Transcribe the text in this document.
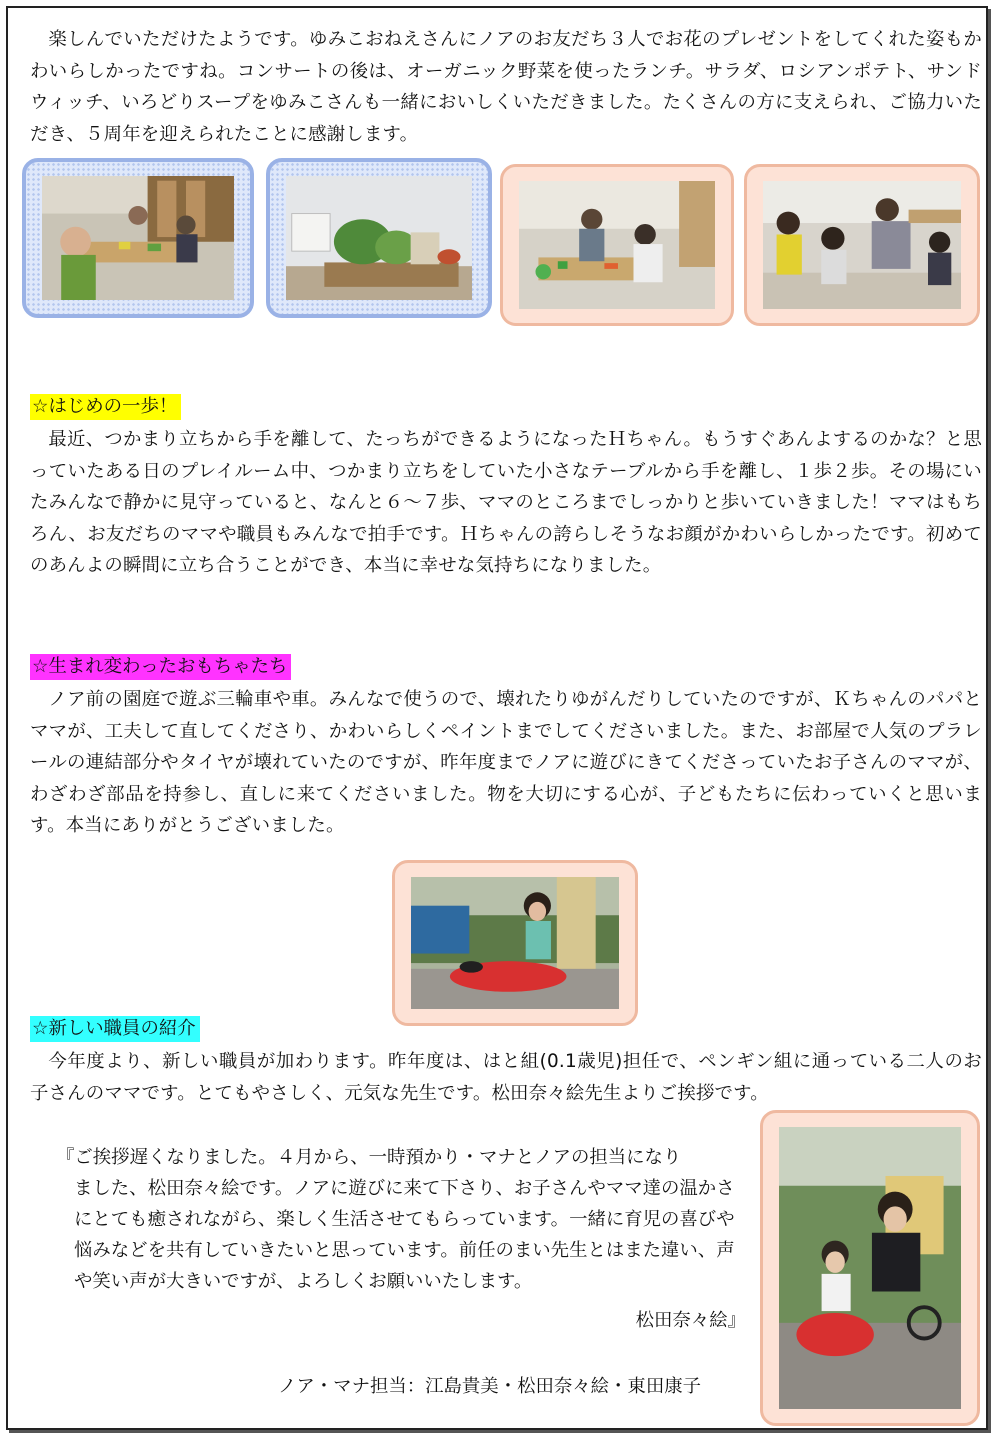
楽しんでいただけたようです。ゆみこおねえさんにノアのお友だち３人でお花のプレゼントをしてくれた姿もかわいらしかったですね。コンサートの後は、オーガニック野菜を使ったランチ。サラダ、ロシアンポテト、サンドウィッチ、いろどりスープをゆみこさんも一緒においしくいただきました。たくさんの方に支えられ、ご協力いただき、５周年を迎えられたことに感謝します。

☆はじめの一歩！

最近、つかまり立ちから手を離して、たっちができるようになったＨちゃん。もうすぐあんよするのかな？と思っていたある日のプレイルーム中、つかまり立ちをしていた小さなテーブルから手を離し、１歩２歩。その場にいたみんなで静かに見守っていると、なんと６〜７歩、ママのところまでしっかりと歩いていきました！ママはもちろん、お友だちのママや職員もみんなで拍手です。Ｈちゃんの誇らしそうなお顔がかわいらしかったです。初めてのあんよの瞬間に立ち合うことができ、本当に幸せな気持ちになりました。

☆生まれ変わったおもちゃたち

ノア前の園庭で遊ぶ三輪車や車。みんなで使うので、壊れたりゆがんだりしていたのですが、Ｋちゃんのパパとママが、工夫して直してくださり、かわいらしくペイントまでしてくださいました。また、お部屋で人気のプラレールの連結部分やタイヤが壊れていたのですが、昨年度までノアに遊びにきてくださっていたお子さんのママが、わざわざ部品を持参し、直しに来てくださいました。物を大切にする心が、子どもたちに伝わっていくと思います。本当にありがとうございました。

☆新しい職員の紹介

今年度より、新しい職員が加わります。昨年度は、はと組(0.1歳児)担任で、ペンギン組に通っている二人のお子さんのママです。とてもやさしく、元気な先生です。松田奈々絵先生よりご挨拶です。

『ご挨拶遅くなりました。４月から、一時預かり・マナとノアの担当になり
ました、松田奈々絵です。ノアに遊びに来て下さり、お子さんやママ達の温かさにとても癒されながら、楽しく生活させてもらっています。一緒に育児の喜びや悩みなどを共有していきたいと思っています。前任のまい先生とはまた違い、声や笑い声が大きいですが、よろしくお願いいたします。
松田奈々絵』
ノア・マナ担当：江島貴美・松田奈々絵・東田康子
